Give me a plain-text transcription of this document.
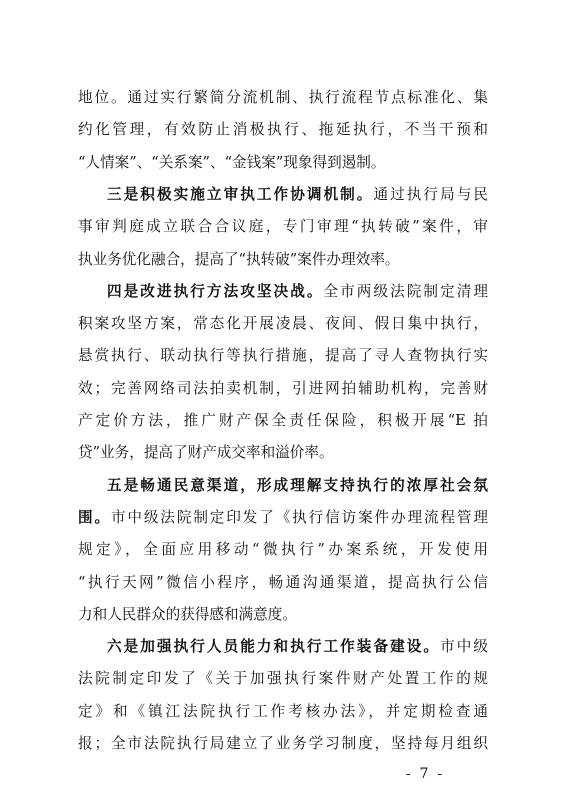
地位。通过实行繁简分流机制、执行流程节点标准化、集
约化管理，有效防止消极执行、拖延执行，不当干预和
“人情案”、“关系案”、“金钱案”现象得到遏制。
三是积极实施立审执工作协调机制。通过执行局与民
事审判庭成立联合合议庭，专门审理“执转破”案件，审
执业务优化融合，提高了“执转破”案件办理效率。
四是改进执行方法攻坚决战。全市两级法院制定清理
积案攻坚方案，常态化开展凌晨、夜间、假日集中执行，
悬赏执行、联动执行等执行措施，提高了寻人查物执行实
效；完善网络司法拍卖机制，引进网拍辅助机构，完善财
产定价方法，推广财产保全责任保险，积极开展“E 拍
贷”业务，提高了财产成交率和溢价率。
五是畅通民意渠道，形成理解支持执行的浓厚社会氛
围。市中级法院制定印发了《执行信访案件办理流程管理
规定》，全面应用移动“微执行”办案系统，开发使用
“执行天网”微信小程序，畅通沟通渠道，提高执行公信
力和人民群众的获得感和满意度。
六是加强执行人员能力和执行工作装备建设。市中级
法院制定印发了《关于加强执行案件财产处置工作的规
定》和《镇江法院执行工作考核办法》，并定期检查通
报；全市法院执行局建立了业务学习制度，坚持每月组织
-  7  -
